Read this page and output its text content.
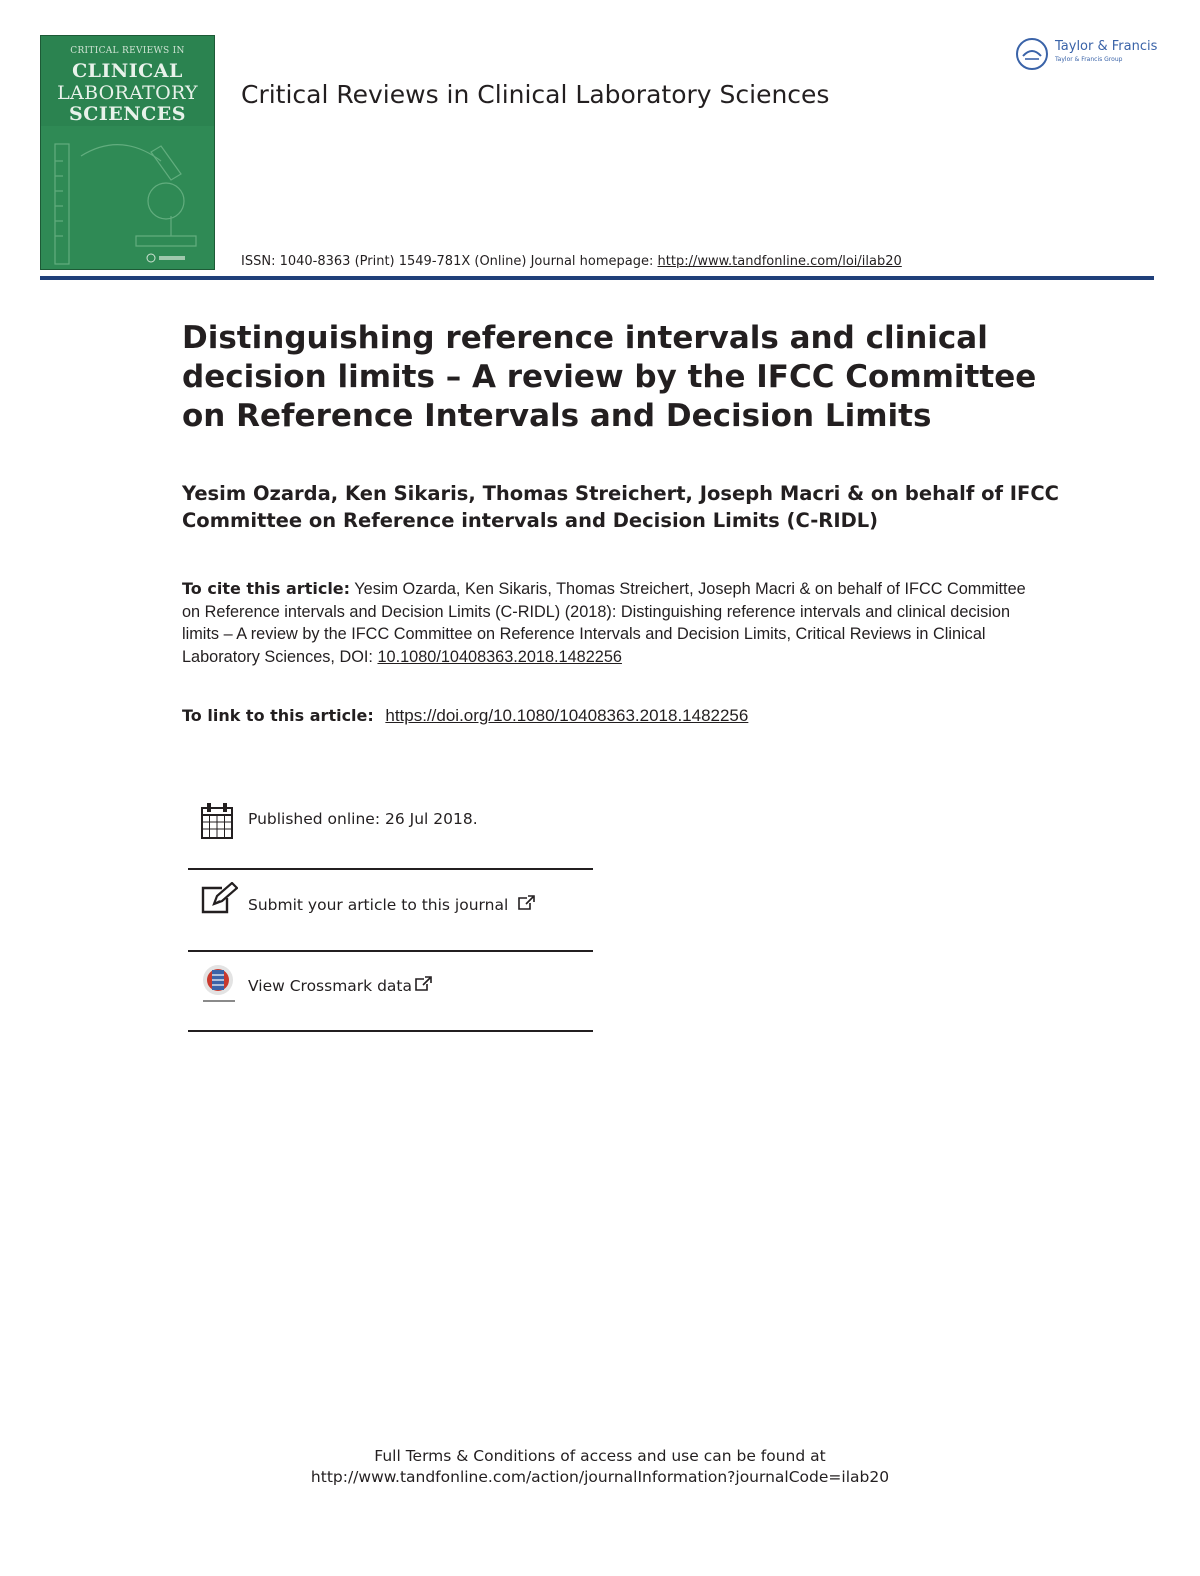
CRITICAL REVIEWS IN
CLINICAL
LABORATORY
SCIENCES
Critical Reviews in Clinical Laboratory Sciences
Taylor & Francis
Taylor & Francis Group
ISSN: 1040-8363 (Print) 1549-781X (Online) Journal homepage: http://www.tandfonline.com/loi/ilab20
Distinguishing reference intervals and clinical decision limits – A review by the IFCC Committee on Reference Intervals and Decision Limits

Yesim Ozarda, Ken Sikaris, Thomas Streichert, Joseph Macri & on behalf of IFCC Committee on Reference intervals and Decision Limits (C-RIDL)

To cite this article: Yesim Ozarda, Ken Sikaris, Thomas Streichert, Joseph Macri & on behalf of IFCC Committee on Reference intervals and Decision Limits (C-RIDL) (2018): Distinguishing reference intervals and clinical decision limits – A review by the IFCC Committee on Reference Intervals and Decision Limits, Critical Reviews in Clinical Laboratory Sciences, DOI: 10.1080/10408363.2018.1482256
To link to this article: https://doi.org/10.1080/10408363.2018.1482256
Published online: 26 Jul 2018.
Submit your article to this journal
View Crossmark data
Full Terms & Conditions of access and use can be found at
http://www.tandfonline.com/action/journalInformation?journalCode=ilab20
